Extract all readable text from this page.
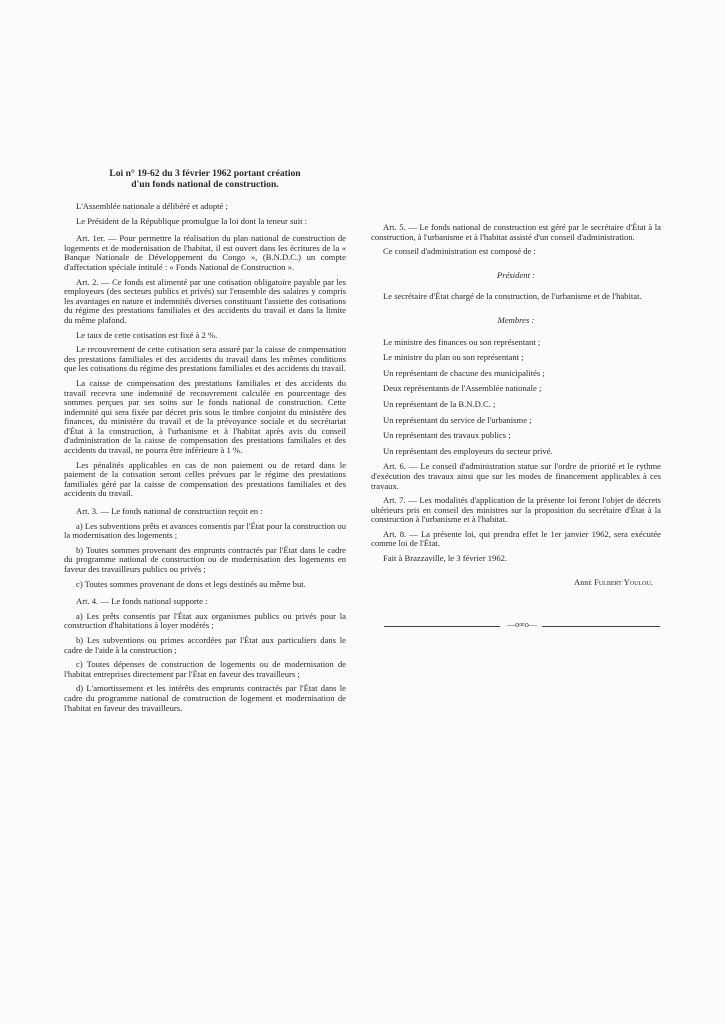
Loi n° 19-62 du 3 février 1962 portant création
d'un fonds national de construction.

L'Assemblée nationale a délibéré et adopté ;

Le Président de la République promulgue la loi dont la teneur suit :

Art. 1er. — Pour permettre la réalisation du plan national de construction de logements et de modernisation de l'habitat, il est ouvert dans les écritures de la « Banque Nationale de Développement du Congo », (B.N.D.C.) un compte d'affectation spéciale intitulé : « Fonds National de Construction ».

Art. 2. — Ce fonds est alimenté par une cotisation obligatoire payable par les employeurs (des secteurs publics et privés) sur l'ensemble des salaires y compris les avantages en nature et indemnités diverses constituant l'assiette des cotisations du régime des prestations familiales et des accidents du travail et dans la limite du même plafond.

Le taux de cette cotisation est fixé à 2 %.

Le recouvrement de cette cotisation sera assuré par la caisse de compensation des prestations familiales et des accidents du travail dans les mêmes conditions que les cotisations du régime des prestations familiales et des accidents du travail.

La caisse de compensation des prestations familiales et des accidents du travail recevra une indemnité de recouvrement calculée en pourcentage des sommes perçues par ses soins sur le fonds national de construction. Cette indemnité qui sera fixée par décret pris sous le timbre conjoint du ministère des finances, du ministère du travail et de la prévoyance sociale et du secrétariat d'État à la construction, à l'urbanisme et à l'habitat après avis du conseil d'administration de la caisse de compensation des prestations familiales et des accidents du travail, ne pourra être inférieure à 1 %.

Les pénalités applicables en cas de non paiement ou de retard dans le paiement de la cotisation seront celles prévues par le régime des prestations familiales géré par la caisse de compensation des prestations familiales et des accidents du travail.

Art. 3. — Le fonds national de construction reçoit en :

a) Les subventions prêts et avances consentis par l'État pour la construction ou la modernisation des logements ;

b) Toutes sommes provenant des emprunts contractés par l'État dans le cadre du programme national de construction ou de modernisation des logements en faveur des travailleurs publics ou privés ;

c) Toutes sommes provenant de dons et legs destinés au même but.

Art. 4. — Le fonds national supporte :

a) Les prêts consentis par l'État aux organismes publics ou privés pour la construction d'habitations à loyer modérés ;

b) Les subventions ou primes accordées par l'État aux particuliers dans le cadre de l'aide à la construction ;

c) Toutes dépenses de construction de logements ou de modernisation de l'habitat entreprises directement par l'État en faveur des travailleurs ;

d) L'amortissement et les intérêts des emprunts contractés par l'État dans le cadre du programme national de construction de logement et modernisation de l'habitat en faveur des travailleurs.

Art. 5. — Le fonds national de construction est géré par le secrétaire d'État à la construction, à l'urbanisme et à l'habitat assisté d'un conseil d'administration.

Ce conseil d'administration est composé de :

Président :

Le secrétaire d'État chargé de la construction, de l'urbanisme et de l'habitat.

Membres :

Le ministre des finances ou son représentant ;

Le ministre du plan ou son représentant ;

Un représentant de chacune des municipalités ;

Deux représentants de l'Assemblée nationale ;

Un représentant de la B.N.D.C. ;

Un représentant du service de l'urbanisme ;

Un représentant des travaux publics ;

Un représentant des employeurs du secteur privé.

Art. 6. — Le conseil d'administration statue sur l'ordre de priorité et le rythme d'exécution des travaux ainsi que sur les modes de financement applicables à ces travaux.

Art. 7. — Les modalités d'application de la présente loi feront l'objet de décrets ultérieurs pris en conseil des ministres sur la proposition du secrétaire d'État à la construction à l'urbanisme et à l'habitat.

Art. 8. — La présente loi, qui prendra effet le 1er janvier 1962, sera exécutée comme loi de l'État.

Fait à Brazzaville, le 3 février 1962.

Abbé Fulbert Youlou.

—o∞o—
